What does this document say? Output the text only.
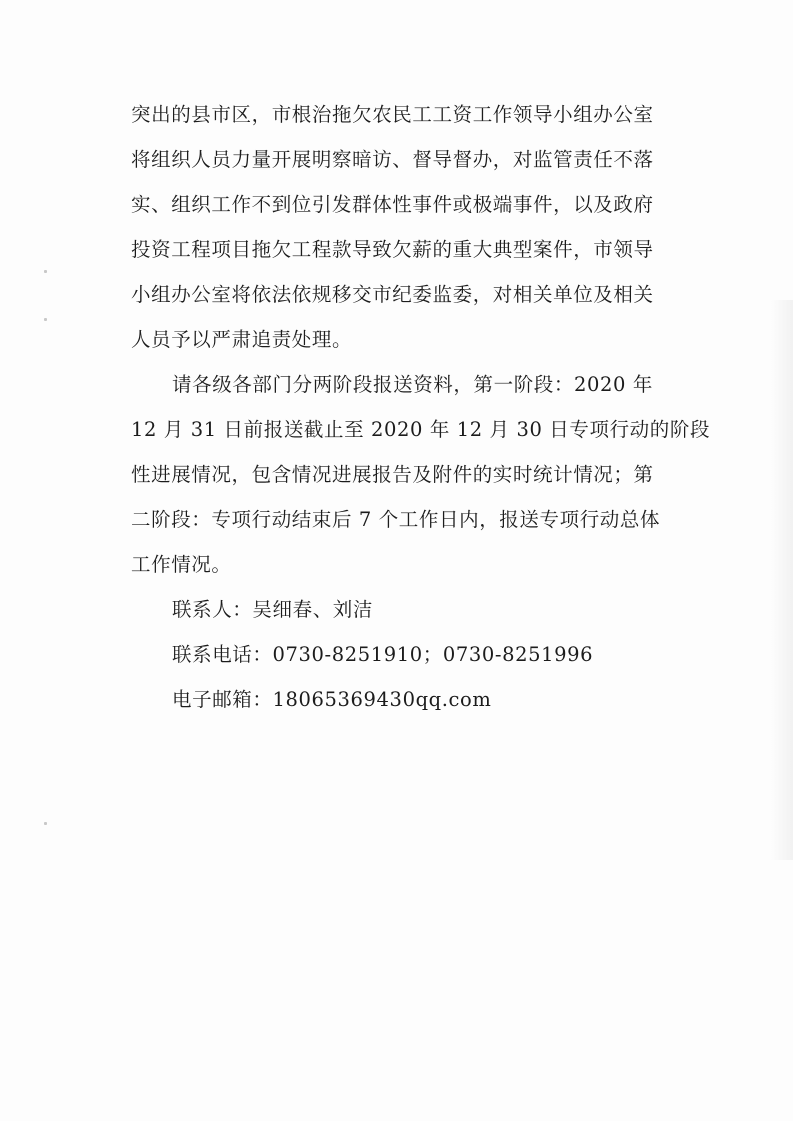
突出的县市区，市根治拖欠农民工工资工作领导小组办公室
将组织人员力量开展明察暗访、督导督办，对监管责任不落
实、组织工作不到位引发群体性事件或极端事件，以及政府
投资工程项目拖欠工程款导致欠薪的重大典型案件，市领导
小组办公室将依法依规移交市纪委监委，对相关单位及相关
人员予以严肃追责处理。
请各级各部门分两阶段报送资料，第一阶段：2020 年
12 月 31 日前报送截止至 2020 年 12 月 30 日专项行动的阶段
性进展情况，包含情况进展报告及附件的实时统计情况；第
二阶段：专项行动结束后 7 个工作日内，报送专项行动总体
工作情况。
联系人：吴细春、刘洁
联系电话：0730-8251910；0730-8251996
电子邮箱：18065369430qq.com
